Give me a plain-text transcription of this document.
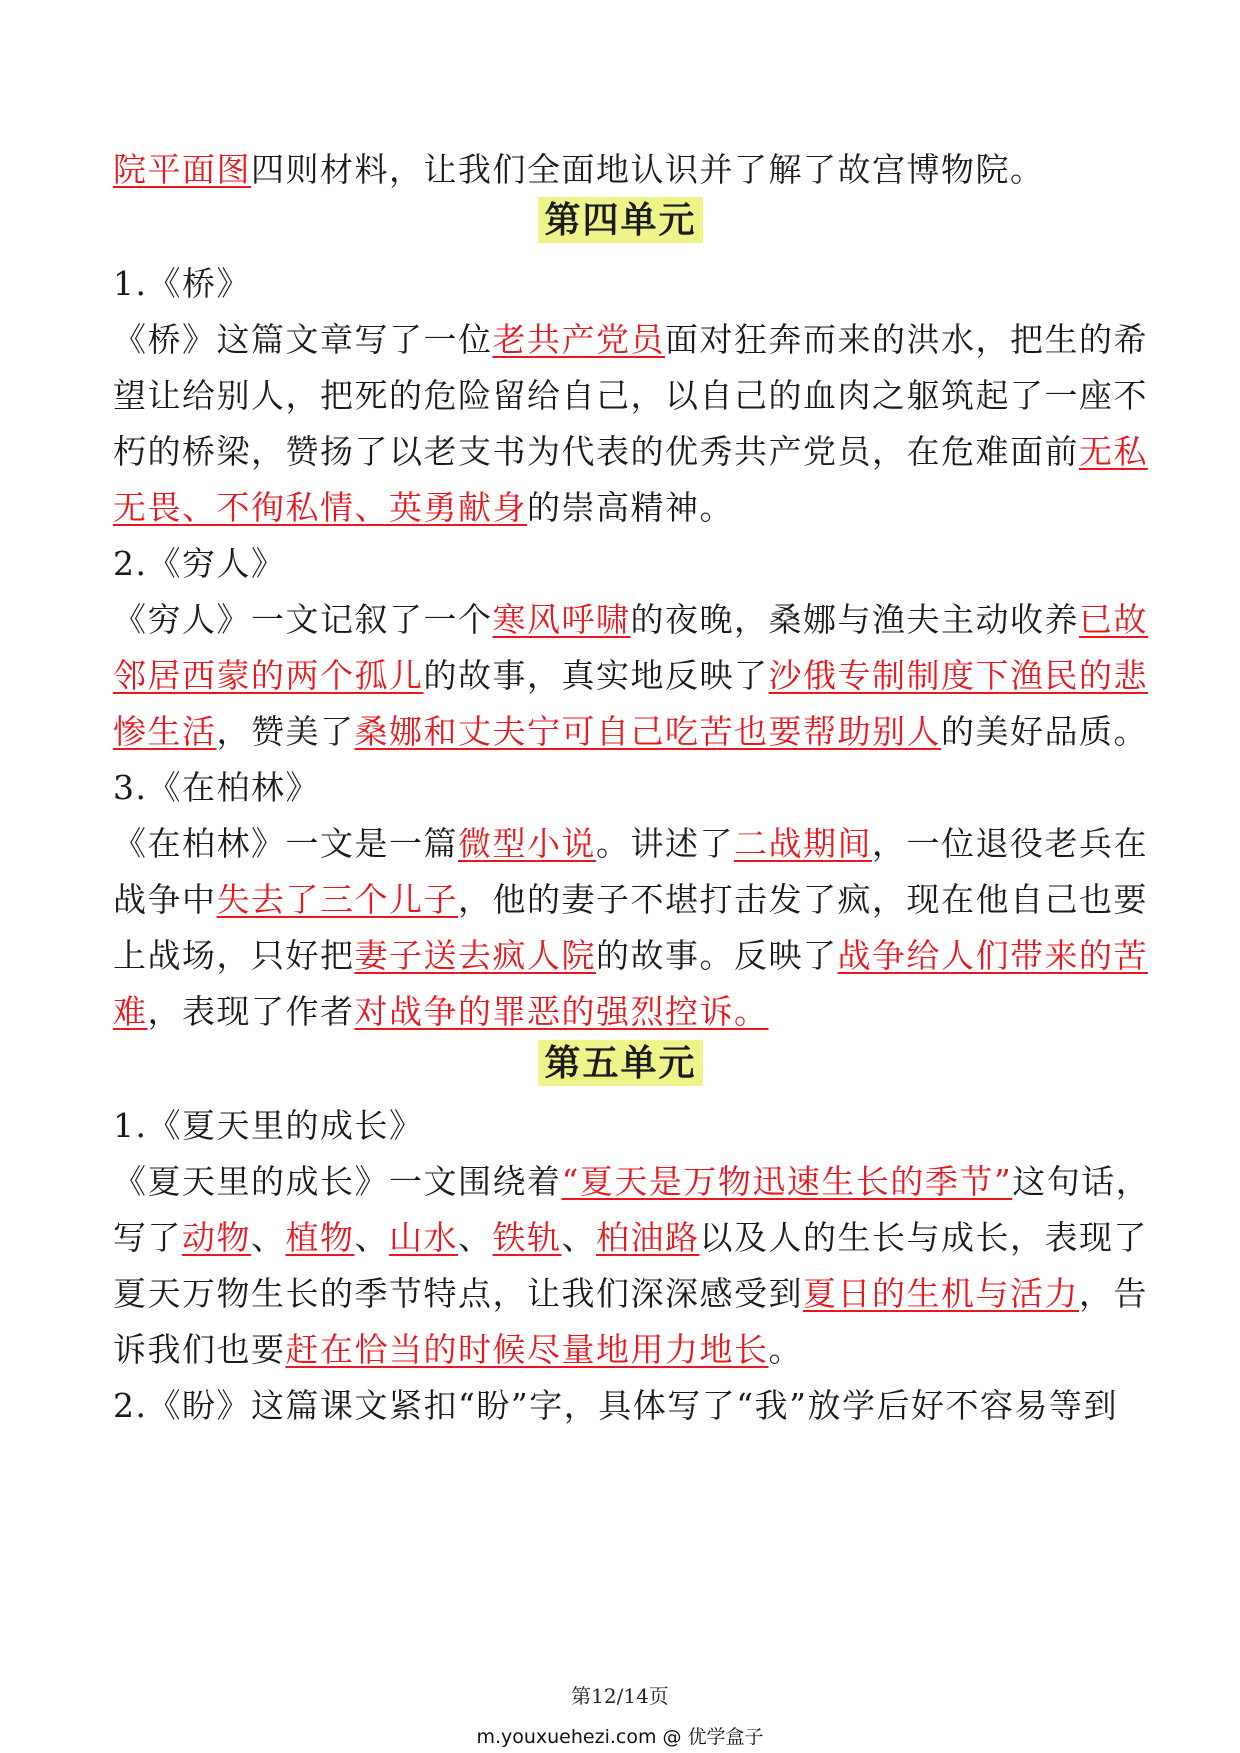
院平面图四则材料，让我们全面地认识并了解了故宫博物院。
第四单元
1.《桥》
《桥》这篇文章写了一位老共产党员面对狂奔而来的洪水，把生的希
望让给别人，把死的危险留给自己，以自己的血肉之躯筑起了一座不
朽的桥梁，赞扬了以老支书为代表的优秀共产党员，在危难面前无私
无畏、不徇私情、英勇献身的崇高精神。
2.《穷人》
《穷人》一文记叙了一个寒风呼啸的夜晚，桑娜与渔夫主动收养已故
邻居西蒙的两个孤儿的故事，真实地反映了沙俄专制制度下渔民的悲
惨生活，赞美了桑娜和丈夫宁可自己吃苦也要帮助别人的美好品质。
3.《在柏林》
《在柏林》一文是一篇微型小说。讲述了二战期间，一位退役老兵在
战争中失去了三个儿子，他的妻子不堪打击发了疯，现在他自己也要
上战场，只好把妻子送去疯人院的故事。反映了战争给人们带来的苦
难，表现了作者对战争的罪恶的强烈控诉。
第五单元
1.《夏天里的成长》
《夏天里的成长》一文围绕着“夏天是万物迅速生长的季节”这句话，
写了动物、植物、山水、铁轨、柏油路以及人的生长与成长，表现了
夏天万物生长的季节特点，让我们深深感受到夏日的生机与活力，告
诉我们也要赶在恰当的时候尽量地用力地长。
2.《盼》这篇课文紧扣“盼”字，具体写了“我”放学后好不容易等到
第12/14页
m.youxuehezi.com @ 优学盒子
